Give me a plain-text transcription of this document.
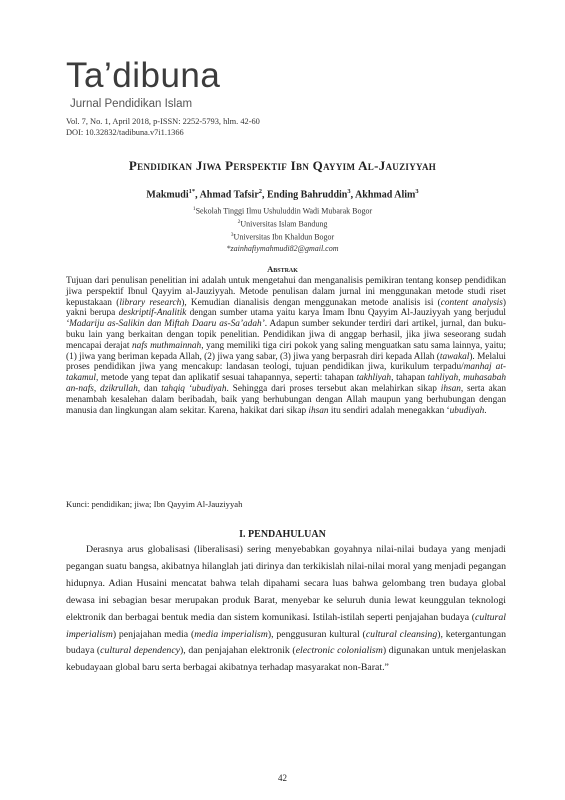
Ta’dibuna
Jurnal Pendidikan Islam
Vol. 7, No. 1, April 2018, p-ISSN: 2252-5793, hlm. 42-60
DOI: 10.32832/tadibuna.v7i1.1366
Pendidikan Jiwa Perspektif Ibn Qayyim Al-Jauziyyah
Makmudi$^{1*}$, Ahmad Tafsir$^2$, Ending Bahruddin$^3$, Akhmad Alim$^3$
$^1$Sekolah Tinggi Ilmu Ushuluddin Wadi Mubarak Bogor
$^2$Universitas Islam Bandung
$^3$Universitas Ibn Khaldun Bogor
*zainhafiymahmudi82@gmail.com
Abstrak
Tujuan dari penulisan penelitian ini adalah untuk mengetahui dan menganalisis pemikiran tentang konsep pendidikan jiwa perspektif Ibnul Qayyim al-Jauziyyah. Metode penulisan dalam jurnal ini menggunakan metode studi riset kepustakaan (library research), Kemudian dianalisis dengan menggunakan metode analisis isi (content analysis) yakni berupa deskriptif-Analitik dengan sumber utama yaitu karya Imam Ibnu Qayyim Al-Jauziyyah yang berjudul ‘Madariju as-Salikin dan Miftah Daaru as-Sa’adah’. Adapun sumber sekunder terdiri dari artikel, jurnal, dan buku-buku lain yang berkaitan dengan topik penelitian. Pendidikan jiwa di anggap berhasil, jika jiwa seseorang sudah mencapai derajat nafs muthmainnah, yang memiliki tiga ciri pokok yang saling menguatkan satu sama lainnya, yaitu; (1) jiwa yang beriman kepada Allah, (2) jiwa yang sabar, (3) jiwa yang berpasrah diri kepada Allah (tawakal). Melalui proses pendidikan jiwa yang mencakup: landasan teologi, tujuan pendidikan jiwa, kurikulum terpadu/manhaj at-takamul, metode yang tepat dan aplikatif sesuai tahapannya, seperti: tahapan takhliyah, tahapan tahliyah, muhasabah an-nafs, dzikrullah, dan tahqiq ‘ubudiyah. Sehingga dari proses tersebut akan melahirkan sikap ihsan, serta akan menambah kesalehan dalam beribadah, baik yang berhubungan dengan Allah maupun yang berhubungan dengan manusia dan lingkungan alam sekitar. Karena, hakikat dari sikap ihsan itu sendiri adalah menegakkan ‘ubudiyah.
Kunci: pendidikan; jiwa; Ibn Qayyim Al-Jauziyyah
I. PENDAHULUAN
Derasnya arus globalisasi (liberalisasi) sering menyebabkan goyahnya nilai-nilai budaya yang menjadi pegangan suatu bangsa, akibatnya hilanglah jati dirinya dan terkikislah nilai-nilai moral yang menjadi pegangan hidupnya. Adian Husaini mencatat bahwa telah dipahami secara luas bahwa gelombang tren budaya global dewasa ini sebagian besar merupakan produk Barat, menyebar ke seluruh dunia lewat keunggulan teknologi elektronik dan berbagai bentuk media dan sistem komunikasi. Istilah-istilah seperti penjajahan budaya (cultural imperialism) penjajahan media (media imperialism), penggusuran kultural (cultural cleansing), ketergantungan budaya (cultural dependency), dan penjajahan elektronik (electronic colonialism) digunakan untuk menjelaskan kebudayaan global baru serta berbagai akibatnya terhadap masyarakat non-Barat.”
42
